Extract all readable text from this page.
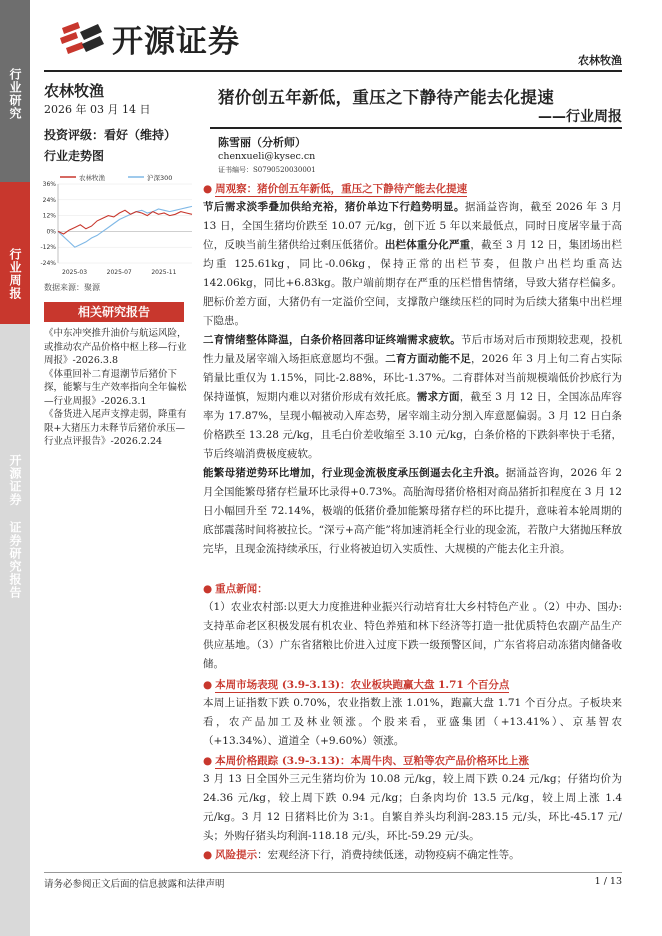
行业研究
行业周报
开源证券 证券研究报告
开源证券
农林牧渔
农林牧渔
2026 年 03 月 14 日
投资评级：看好（维持）
行业走势图
农林牧渔	沪深300
36%
24%
12%
0%
-12%
-24%
2025-03	2025-07	2025-11
数据来源：聚源
相关研究报告
《中东冲突推升油价与航运风险，或推动农产品价格中枢上移—行业周报》-2026.3.8
《体重回补二育退潮节后猪价下探，能繁与生产效率指向全年偏松—行业周报》-2026.3.1
《备货进入尾声支撑走弱，降重有限+大猪压力未释节后猪价承压—行业点评报告》-2026.2.24
猪价创五年新低，重压之下静待产能去化提速
——行业周报
陈雪丽（分析师）
chenxueli@kysec.cn
证书编号：S0790520030001
● 周观察：猪价创五年新低，重压之下静待产能去化提速

节后需求淡季叠加供给充裕，猪价单边下行趋势明显。据涌益咨询，截至 2026 年 3 月 13 日，全国生猪均价跌至 10.07 元/kg，创下近 5 年以来最低点，同时日度屠宰量于高位，反映当前生猪供给过剩压低猪价。出栏体重分化严重，截至 3 月 12 日，集团场出栏均重 125.61kg，同比-0.06kg，保持正常的出栏节奏，但散户出栏均重高达 142.06kg，同比+6.83kg。散户端前期存在严重的压栏惜售情绪，导致大猪存栏偏多。肥标价差方面，大猪仍有一定溢价空间，支撑散户继续压栏的同时为后续大猪集中出栏埋下隐患。

二育情绪整体降温，白条价格回落印证终端需求疲软。节后市场对后市预期较悲观，投机性力量及屠宰端入场拒底意愿均不强。二育方面动能不足，2026 年 3 月上旬二育占实际销量比重仅为 1.15%，同比-2.88%，环比-1.37%。二育群体对当前规模端低价抄底行为保持谨慎，短期内难以对猪价形成有效托底。需求方面，截至 3 月 12 日，全国冻品库容率为 17.87%，呈现小幅被动入库态势，屠宰端主动分割入库意愿偏弱。3 月 12 日白条价格跌至 13.28 元/kg，且毛白价差收缩至 3.10 元/kg，白条价格的下跌斜率快于毛猪，节后终端消费极度疲软。

能繁母猪逆势环比增加，行业现金流极度承压倒逼去化主升浪。据涌益咨询，2026 年 2 月全国能繁母猪存栏量环比录得+0.73%。高胎淘母猪价格相对商品猪折扣程度在 3 月 12 日小幅回升至 72.14%，极端的低猪价叠加能繁母猪存栏的环比提升，意味着本轮周期的底部震荡时间将被拉长。“深亏+高产能”将加速消耗全行业的现金流，若散户大猪抛压释放完毕，且现金流持续承压，行业将被迫切入实质性、大规模的产能去化主升浪。

● 重点新闻：

（1）农业农村部:以更大力度推进种业振兴行动培育壮大乡村特色产业 。（2）中办、国办:支持革命老区积极发展有机农业、特色养殖和林下经济等打造一批优质特色农副产品生产供应基地。（3）广东省猪粮比价进入过度下跌一级预警区间，广东省将启动冻猪肉储备收储。

● 本周市场表现 (3.9-3.13)：农业板块跑赢大盘 1.71 个百分点

本周上证指数下跌 0.70%，农业指数上涨 1.01%，跑赢大盘 1.71 个百分点。子板块来看，农产品加工及林业领涨。个股来看，亚盛集团（+13.41%）、京基智农（+13.34%）、道道全（+9.60%）领涨。

● 本周价格跟踪 (3.9-3.13)：本周牛肉、豆粕等农产品价格环比上涨

3 月 13 日全国外三元生猪均价为 10.08 元/kg，较上周下跌 0.24 元/kg；仔猪均价为 24.36 元/kg，较上周下跌 0.94 元/kg；白条肉均价 13.5 元/kg，较上周上涨 1.4 元/kg。3 月 12 日猪料比价为 3:1。自繁自养头均利润-283.15 元/头，环比-45.17 元/头；外购仔猪头均利润-118.18 元/头，环比-59.29 元/头。

● 风险提示：宏观经济下行，消费持续低迷，动物疫病不确定性等。

请务必参阅正文后面的信息披露和法律声明	1 / 13
